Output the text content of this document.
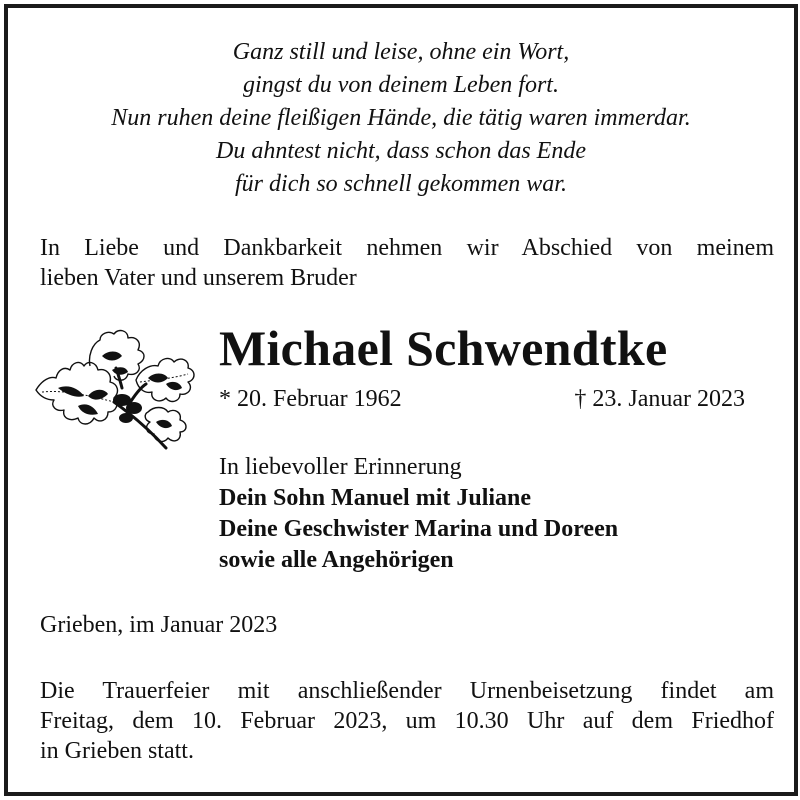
Ganz still und leise, ohne ein Wort,
gingst du von deinem Leben fort.
Nun ruhen deine fleißigen Hände, die tätig waren immerdar.
Du ahntest nicht, dass schon das Ende
für dich so schnell gekommen war.
In Liebe und Dankbarkeit nehmen wir Abschied von meinem
lieben Vater und unserem Bruder
Michael Schwendtke
* 20. Februar 1962	† 23. Januar 2023
In liebevoller Erinnerung
Dein Sohn Manuel mit Juliane
Deine Geschwister Marina und Doreen
sowie alle Angehörigen
Grieben, im Januar 2023
Die Trauerfeier mit anschließender Urnenbeisetzung findet am
Freitag, dem 10. Februar 2023, um 10.30 Uhr auf dem Friedhof
in Grieben statt.
